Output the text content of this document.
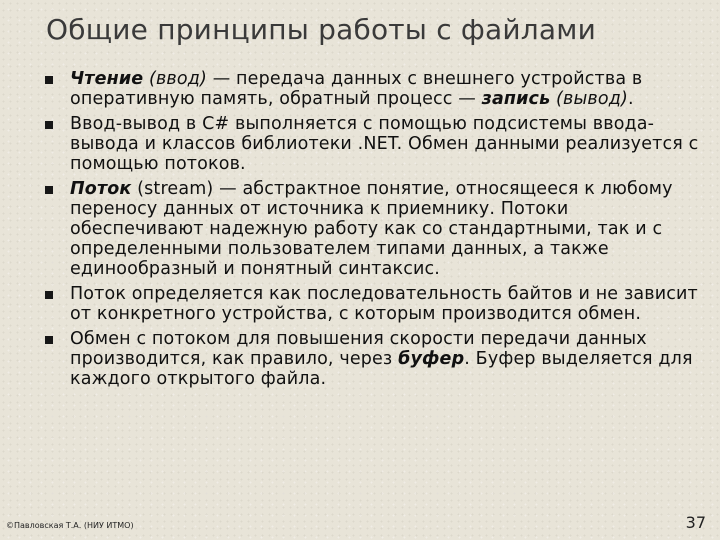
Общие принципы работы с файлами
Чтение (ввод) — передача данных с внешнего устройства в оперативную память, обратный процесс — запись (вывод).
Ввод-вывод в C# выполняется с помощью подсистемы ввода-вывода и классов библиотеки .NET. Обмен данными реализуется с помощью потоков.
Поток (stream) — абстрактное понятие, относящееся к любому переносу данных от источника к приемнику. Потоки обеспечивают надежную работу как со стандартными, так и с определенными пользователем типами данных, а также единообразный и понятный синтаксис.
Поток определяется как последовательность байтов и не зависит от конкретного устройства, с которым производится обмен.
Обмен с потоком для повышения скорости передачи данных производится, как правило, через буфер. Буфер выделяется для каждого открытого файла.
©Павловская Т.А. (НИУ ИТМО)	37
